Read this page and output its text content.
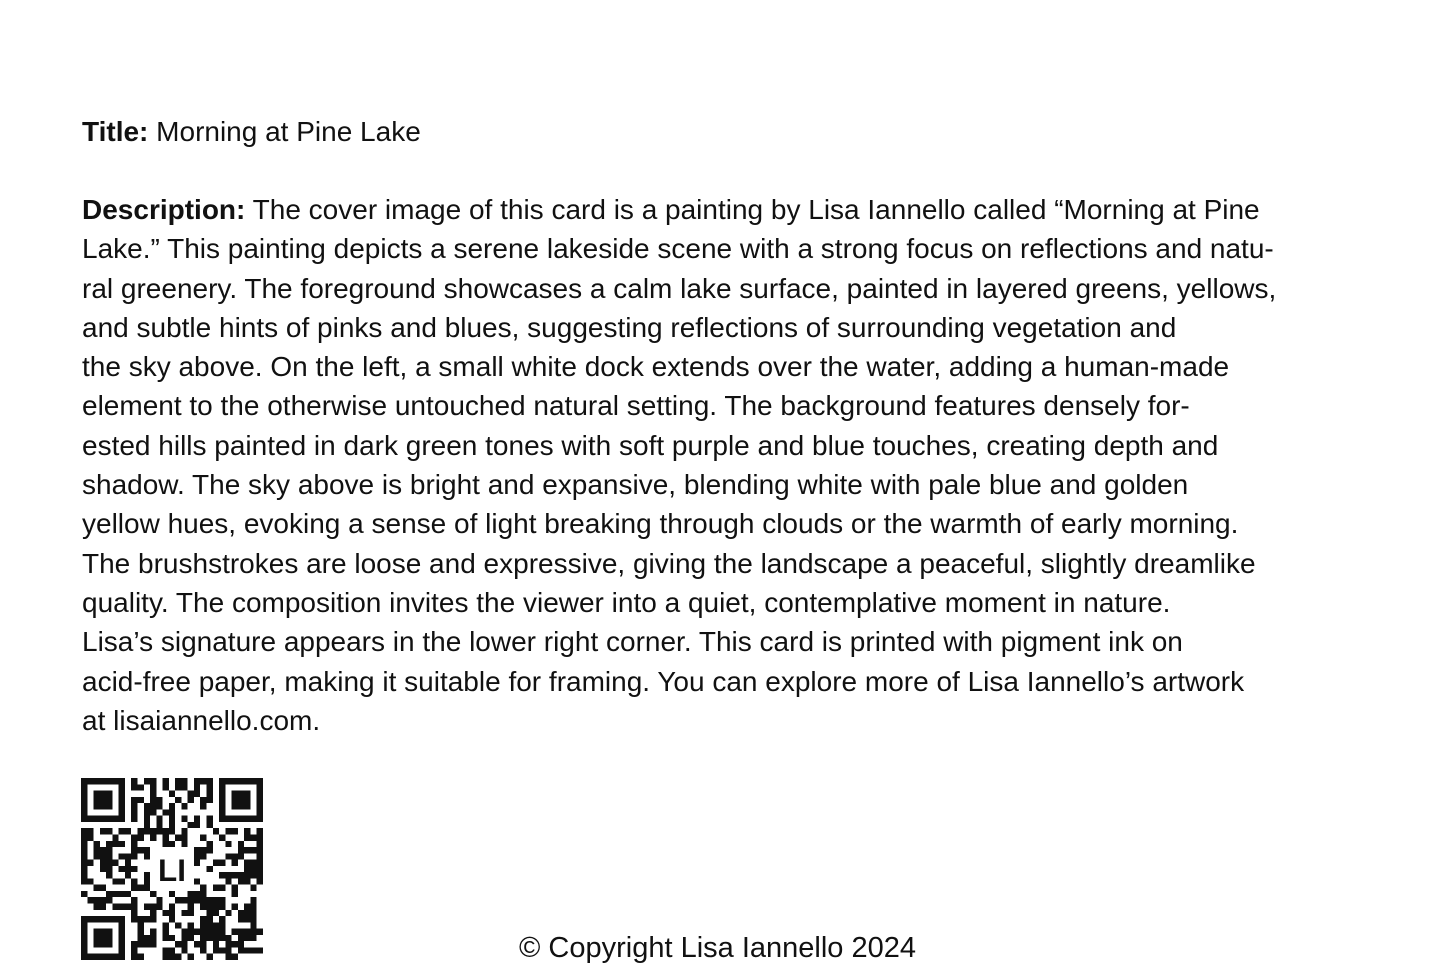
Title: Morning at Pine Lake
Description: The cover image of this card is a painting by Lisa Iannello called “Morning at Pine
Lake.” This painting depicts a serene lakeside scene with a strong focus on reflections and natu-
ral greenery. The foreground showcases a calm lake surface, painted in layered greens, yellows,
and subtle hints of pinks and blues, suggesting reflections of surrounding vegetation and
the sky above. On the left, a small white dock extends over the water, adding a human-made
element to the otherwise untouched natural setting. The background features densely for-
ested hills painted in dark green tones with soft purple and blue touches, creating depth and
shadow. The sky above is bright and expansive, blending white with pale blue and golden
yellow hues, evoking a sense of light breaking through clouds or the warmth of early morning.
The brushstrokes are loose and expressive, giving the landscape a peaceful, slightly dreamlike
quality. The composition invites the viewer into a quiet, contemplative moment in nature.
Lisa’s signature appears in the lower right corner. This card is printed with pigment ink on
acid-free paper, making it suitable for framing. You can explore more of Lisa Iannello’s artwork
at lisaiannello.com.
LI
© Copyright Lisa Iannello 2024
